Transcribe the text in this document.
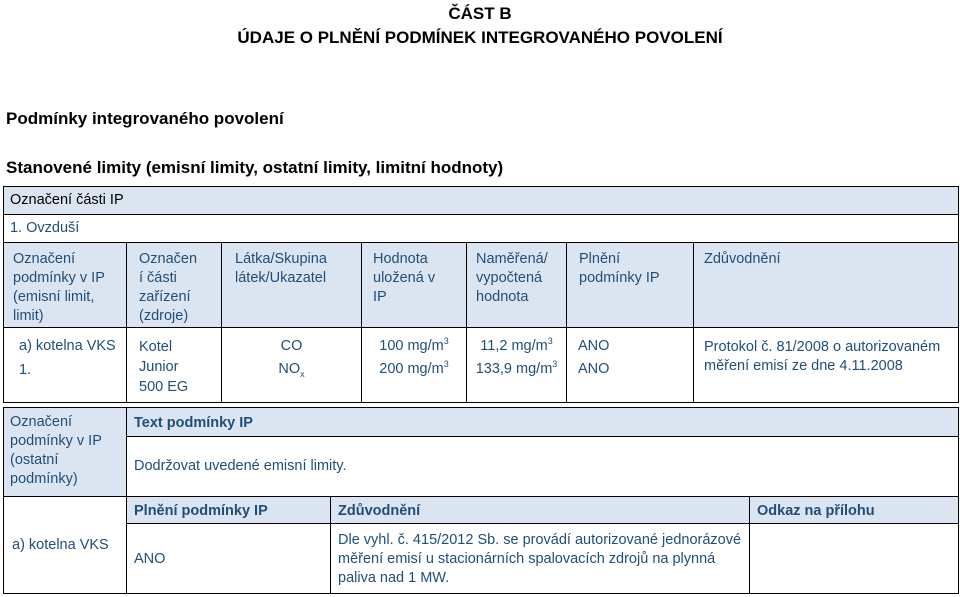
ČÁST B
ÚDAJE O PLNĚNÍ PODMÍNEK INTEGROVANÉHO POVOLENÍ
Podmínky integrovaného povolení
Stanovené limity (emisní limity, ostatní limity, limitní hodnoty)
Označení části IP
1. Ovzduší
Označení
podmínky v IP
(emisní limit,
limit)
Označen
í části
zařízení
(zdroje)
Látka/Skupina
látek/Ukazatel
Hodnota
uložená v
IP
Naměřená/
vypočtená
hodnota
Plnění
podmínky IP
Zdůvodnění
a) kotelna VKS
1.
Kotel
Junior
500 EG
CO
$NO_x$
100 $mg/m^3$
200 $mg/m^3$
11,2 $mg/m^3$
133,9 $mg/m^3$
ANO
ANO
Protokol č. 81/2008 o autorizovaném
měření emisí ze dne 4.11.2008
Označení
podmínky v IP
(ostatní
podmínky)
Text podmínky IP
Dodržovat uvedené emisní limity.
Plnění podmínky IP	Zdůvodnění	Odkaz na přílohu
a) kotelna VKS
ANO
Dle vyhl. č. 415/2012 Sb. se provádí autorizované jednorázové
měření emisí u stacionárních spalovacích zdrojů na plynná
paliva nad 1 MW.
